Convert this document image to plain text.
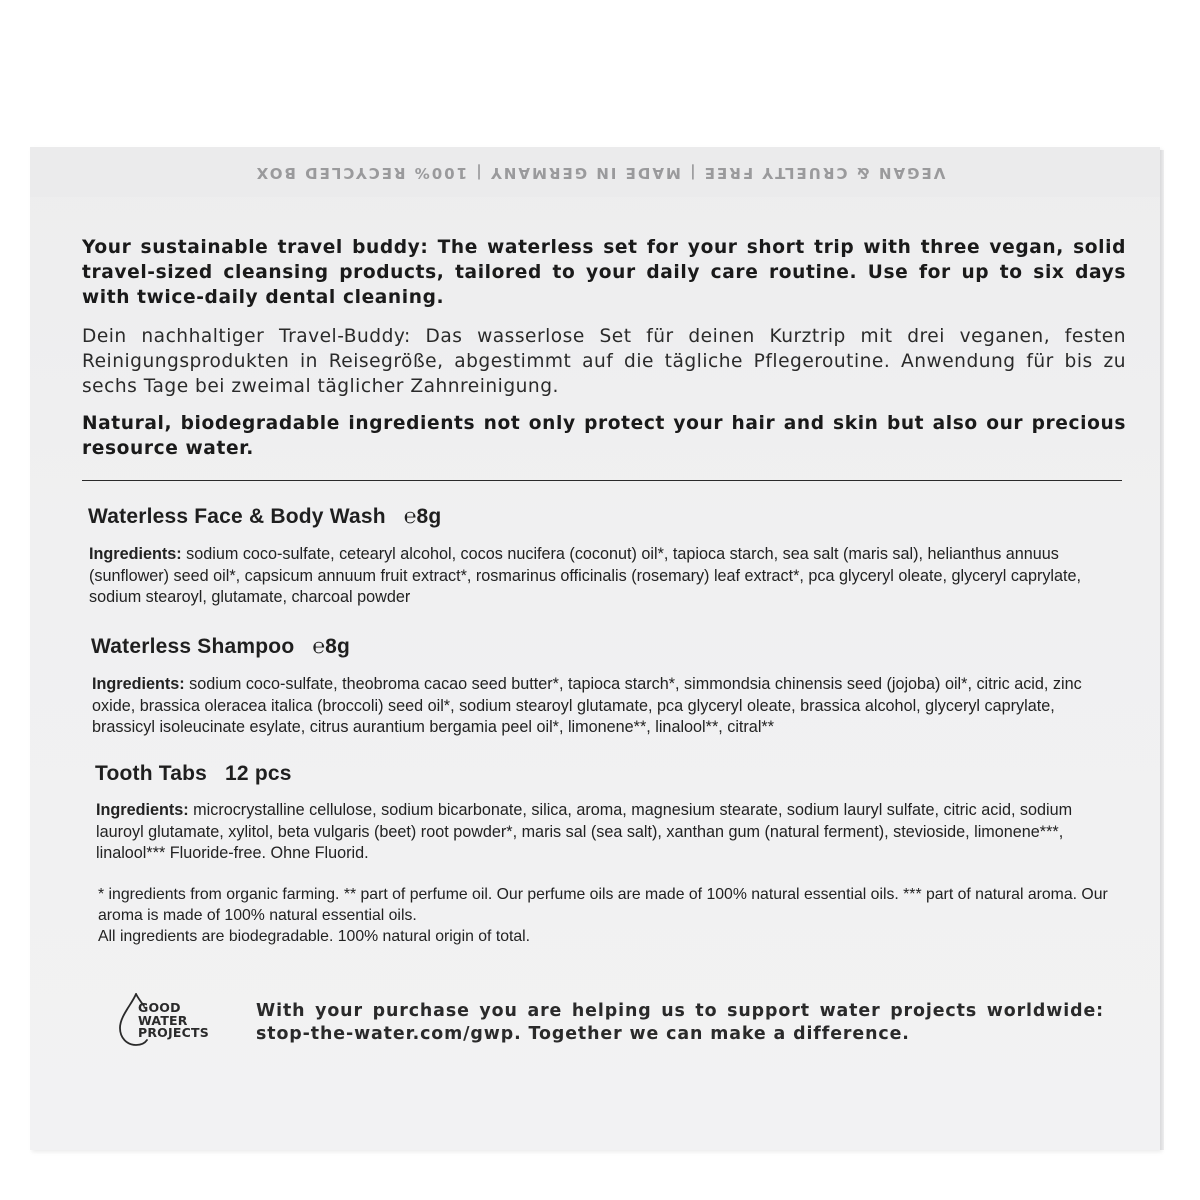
VEGAN & CRUELTY FREE | MADE IN GERMANY | 100% RECYCLED BOX
Your sustainable travel buddy: The waterless set for your short trip with three vegan, solid travel-sized cleansing products, tailored to your daily care routine. Use for up to six days with twice-daily dental cleaning.
Dein nachhaltiger Travel-Buddy: Das wasserlose Set für deinen Kurztrip mit drei veganen, festen Reinigungsprodukten in Reisegröße, abgestimmt auf die tägliche Pflegeroutine. Anwendung für bis zu sechs Tage bei zweimal täglicher Zahnreinigung.
Natural, biodegradable ingredients not only protect your hair and skin but also our precious resource water.
Waterless Face & Body Wash ℮8g
Ingredients: sodium coco-sulfate, cetearyl alcohol, cocos nucifera (coconut) oil*, tapioca starch, sea salt (maris sal), helianthus annuus (sunflower) seed oil*, capsicum annuum fruit extract*, rosmarinus officinalis (rosemary) leaf extract*, pca glyceryl oleate, glyceryl caprylate, sodium stearoyl, glutamate, charcoal powder
Waterless Shampoo ℮8g
Ingredients: sodium coco-sulfate, theobroma cacao seed butter*, tapioca starch*, simmondsia chinensis seed (jojoba) oil*, citric acid, zinc oxide, brassica oleracea italica (broccoli) seed oil*, sodium stearoyl glutamate, pca glyceryl oleate, brassica alcohol, glyceryl caprylate, brassicyl isoleucinate esylate, citrus aurantium bergamia peel oil*, limonene**, linalool**, citral**
Tooth Tabs 12 pcs
Ingredients: microcrystalline cellulose, sodium bicarbonate, silica, aroma, magnesium stearate, sodium lauryl sulfate, citric acid, sodium lauroyl glutamate, xylitol, beta vulgaris (beet) root powder*, maris sal (sea salt), xanthan gum (natural ferment), stevioside, limonene***, linalool*** Fluoride-free. Ohne Fluorid.
* ingredients from organic farming. ** part of perfume oil. Our perfume oils are made of 100% natural essential oils. *** part of natural aroma. Our aroma is made of 100% natural essential oils.
All ingredients are biodegradable. 100% natural origin of total.
GOOD
WATER
PROJECTS
With your purchase you are helping us to support water projects worldwide: stop-the-water.com/gwp. Together we can make a difference.
